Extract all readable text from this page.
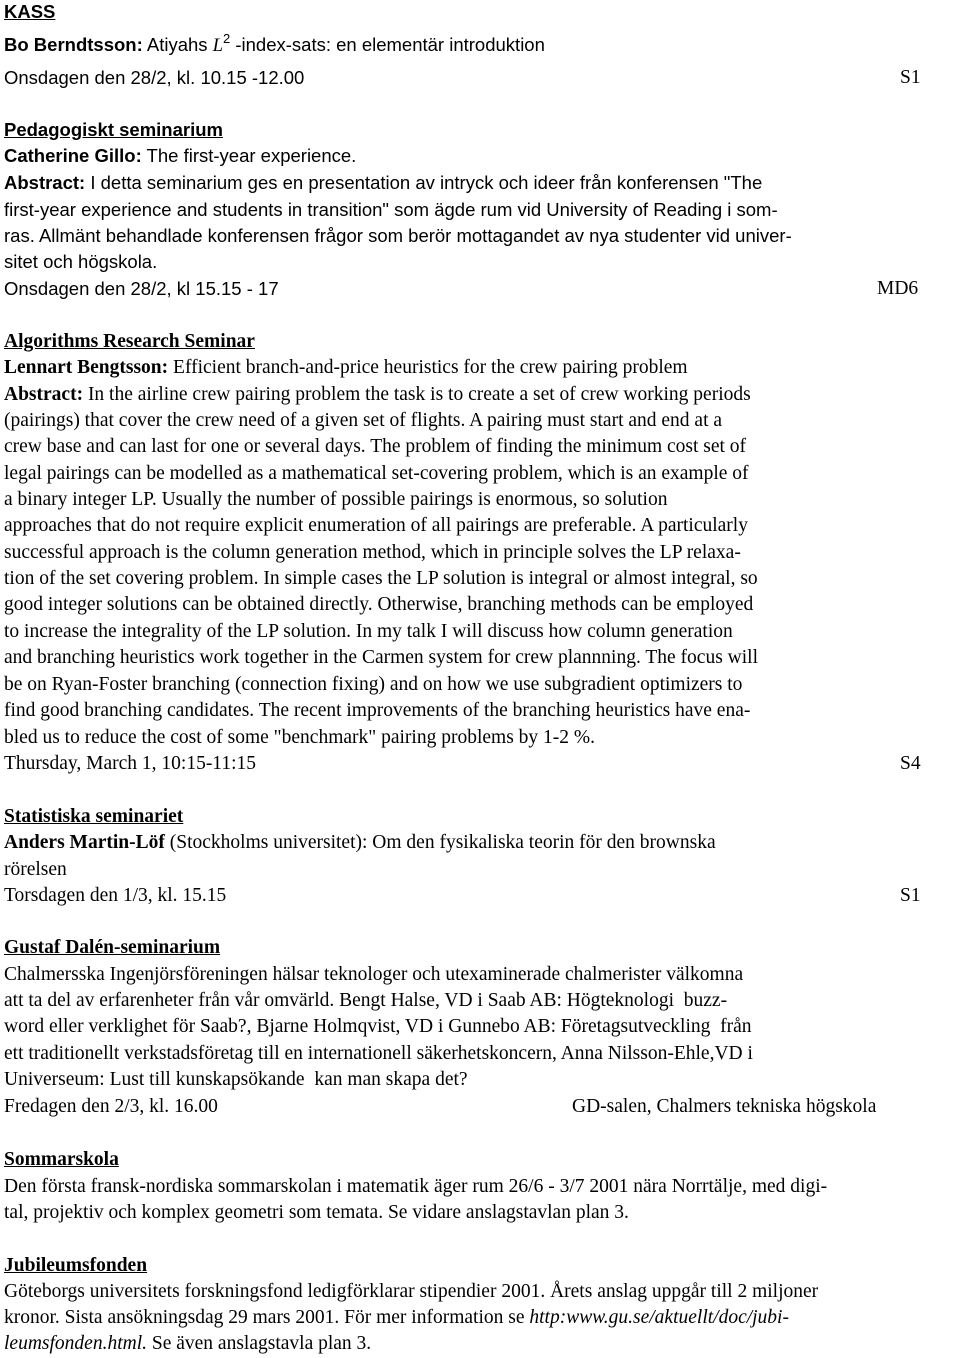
KASS
Bo Berndtsson: Atiyahs $L^2$ -index-sats: en elementär introduktion
Onsdagen den 28/2, kl. 10.15 -12.00	S1
Pedagogiskt seminarium
Catherine Gillo: The first-year experience.
Abstract: I detta seminarium ges en presentation av intryck och ideer från konferensen "The
first-year experience and students in transition" som ägde rum vid University of Reading i som-
ras. Allmänt behandlade konferensen frågor som berör mottagandet av nya studenter vid univer-
sitet och högskola.
Onsdagen den 28/2, kl 15.15 - 17	MD6
Algorithms Research Seminar
Lennart Bengtsson: Efficient branch-and-price heuristics for the crew pairing problem
Abstract: In the airline crew pairing problem the task is to create a set of crew working periods
(pairings) that cover the crew need of a given set of flights. A pairing must start and end at a
crew base and can last for one or several days. The problem of finding the minimum cost set of
legal pairings can be modelled as a mathematical set-covering problem, which is an example of
a binary integer LP. Usually the number of possible pairings is enormous, so solution
approaches that do not require explicit enumeration of all pairings are preferable. A particularly
successful approach is the column generation method, which in principle solves the LP relaxa-
tion of the set covering problem. In simple cases the LP solution is integral or almost integral, so
good integer solutions can be obtained directly. Otherwise, branching methods can be employed
to increase the integrality of the LP solution. In my talk I will discuss how column generation
and branching heuristics work together in the Carmen system for crew plannning. The focus will
be on Ryan-Foster branching (connection fixing) and on how we use subgradient optimizers to
find good branching candidates. The recent improvements of the branching heuristics have ena-
bled us to reduce the cost of some "benchmark" pairing problems by 1-2 %.
Thursday, March 1, 10:15-11:15	S4
Statistiska seminariet
Anders Martin-Löf (Stockholms universitet): Om den fysikaliska teorin för den brownska
rörelsen
Torsdagen den 1/3, kl. 15.15	S1
Gustaf Dalén-seminarium
Chalmersska Ingenjörsföreningen hälsar teknologer och utexaminerade chalmerister välkomna
att ta del av erfarenheter från vår omvärld. Bengt Halse, VD i Saab AB: Högteknologi  buzz-
word eller verklighet för Saab?, Bjarne Holmqvist, VD i Gunnebo AB: Företagsutveckling  från
ett traditionellt verkstadsföretag till en internationell säkerhetskoncern, Anna Nilsson-Ehle,VD i
Universeum: Lust till kunskapsökande  kan man skapa det?
Fredagen den 2/3, kl. 16.00	GD-salen, Chalmers tekniska högskola
Sommarskola
Den första fransk-nordiska sommarskolan i matematik äger rum 26/6 - 3/7 2001 nära Norrtälje, med digi-
tal, projektiv och komplex geometri som temata. Se vidare anslagstavlan plan 3.
Jubileumsfonden
Göteborgs universitets forskningsfond ledigförklarar stipendier 2001. Årets anslag uppgår till 2 miljoner
kronor. Sista ansökningsdag 29 mars 2001. För mer information se http:www.gu.se/aktuellt/doc/jubi-
leumsfonden.html. Se även anslagstavla plan 3.
